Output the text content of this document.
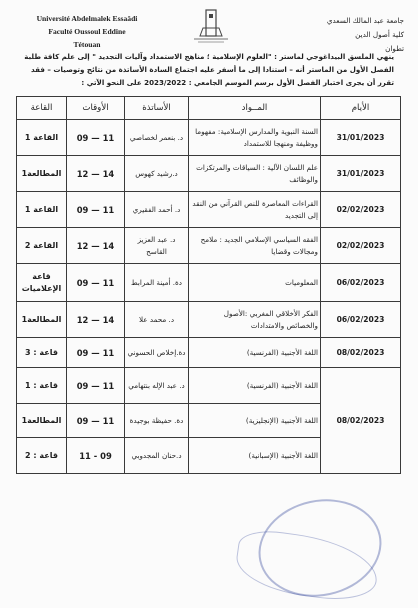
Université Abdelmalek Essaâdi
Faculté Oussoul Eddine
Tétouan
جامعة عبد المالك السعدي
كلية أصول الدين
تطوان
ينهي الملسق البيداغوجي لماستر : "العلوم الإسلامية ؛ مناهج الاستمداد وآليات التجديد " إلى علم كافة طلبة الفصل الأول من الماستر أنه – استنادا إلى ما أسفر عليه اجتماع السادة الأساتذة من نتائج وتوصيات – فقد تقرر أن يجرى اختبار الفصل الأول برسم الموسم الجامعي : 2023/2022 على النحو الآتي :
الأيام	المــواد	الأساتذة	الأوقات	القاعة
31/01/2023	السنة النبوية والمدارس الإسلامية: مفهوما ووظيفة ومنهجا للاستمداد	د. بنعمر لخصاصي	09 — 11	القاعة 1
31/01/2023	علم اللسان الآلية : السياقات والمرتكزات والوظائف	د.رشيد كهوس	12 — 14	المطالعة1
02/02/2023	القراءات المعاصرة للنص القرآني من النقد إلى التجديد	د. أحمد الفقيري	09 — 11	القاعة 1
02/02/2023	الفقه السياسي الإسلامي الجديد : ملامح ومجالات وقضايا	د. عبد العزيز القاسح	12 — 14	القاعة 2
06/02/2023	المعلوميات	دة. أمينة المرابط	09 — 11	قاعة الإعلاميات
06/02/2023	الفكر الأخلاقي المغربي :الأصول والخصائص والامتدادات	د. محمد علا	12 — 14	المطالعة1
08/02/2023	اللغة الأجنبية (الفرنسية)	دة.إخلاص الحسوني	09 — 11	قاعة : 3
08/02/2023	اللغة الأجنبية (الفرنسية)	د. عبد الإله بنتهامي	09 — 11	قاعة : 1
	اللغة الأجنبية (الإنجليزية)	دة. حفيظة بوجيدة	09 — 11	المطالعة1
	اللغة الأجنبية (الإسبانية)	د.حنان المجدوبي	11 - 09	قاعة : 2
